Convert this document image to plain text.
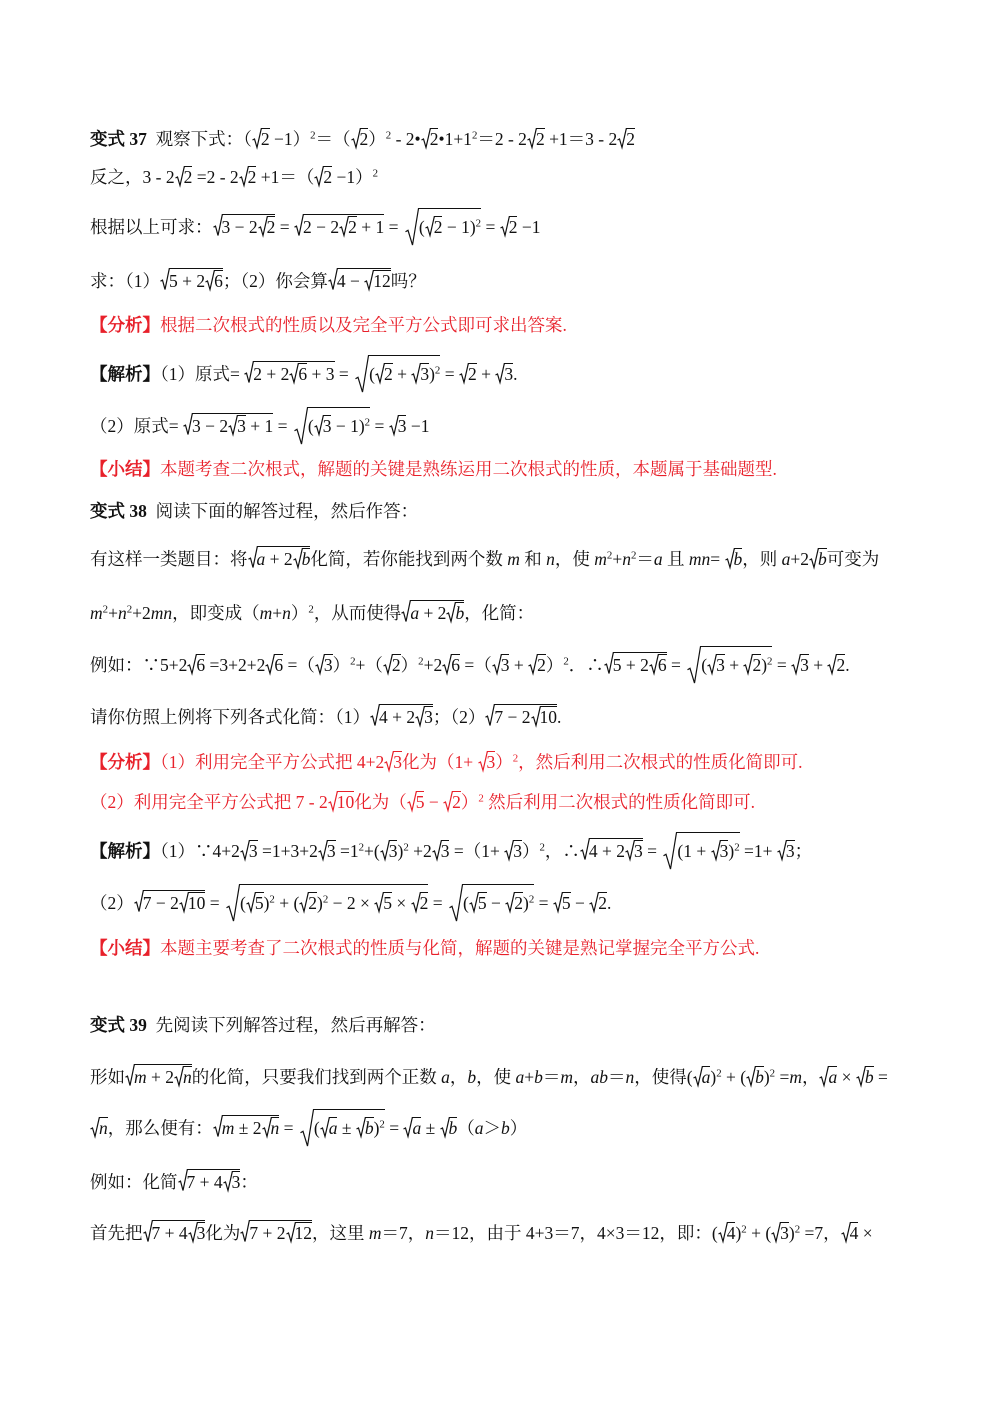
变式 37  观察下式：（ 2 −1）$^2$＝（ 2）$^2$ - 2• $2•1+1^2=2 - 2$ 2 +1＝3 - 2 2
反之，3 - 2 2 =2 - 2 2 +1＝（ 2 −1）$^2$
根据以上可求： 3 − 2 2 =
2 − 2 2 + 1 =
( 2 − 1)$^2$ =
2 −1
求：（1） 5 + 2 6；（2）你会算 4 −
12吗？
【分析】根据二次根式的性质以及完全平方公式即可求出答案.
【解析】（1）原式=
2 + 2 6 + 3 =
( 2 +
3)$^2$ =
2 +
3.
（2）原式=
3 − 2 3 + 1 =
( 3 − 1)$^2$ =
3 −1
【小结】本题考查二次根式，解题的关键是熟练运用二次根式的性质，本题属于基础题型.
变式 38  阅读下面的解答过程，然后作答：
有这样一类题目：将 a + 2 b化简，若你能找到两个数 m 和 n，使 $m^2+n^2=a$ 且 mn=
b，则 a+2 b可变为
$m^2+n^2+2mn$，即变成$(m+n)^2$，从而使得 a + 2 b，化简：
例如：∵5+2 6 =3+2+2 6 =（ 3）$^2$+（ 2）$^2$+2 6 =（ 3 +
2）$^2$．∴ 5 + 2 6 =
( 3 +
2)$^2$ =
3 +
2.
请你仿照上例将下列各式化简：（1） 4 + 2 3；（2） 7 − 2 10.
【分析】（1）利用完全平方公式把 4+2 3化为（1+
3）$^2$，然后利用二次根式的性质化简即可.
（2）利用完全平方公式把 7 - 2 10化为（ 5 −
2）$^2$ 然后利用二次根式的性质化简即可.
【解析】（1）∵4+2 3 =1+3+2 $3 =1^2+$( 3)$^2$ +2 3 =（1+
3）$^2$，∴ 4 + 2 3 =
(1 +
3)$^2$ =1+
3；
（2） 7 − 2 10 =
( 5)$^2$ + ( 2)$^2$ − 2 ×
5 ×
2 =
( 5 −
2)$^2$ =
5 −
2.
【小结】本题主要考查了二次根式的性质与化简，解题的关键是熟记掌握完全平方公式.
变式 39  先阅读下列解答过程，然后再解答：
形如 m + 2 n的化简，只要我们找到两个正数 a，b，使 a+b＝m，ab＝n，使得( a)$^2$ + ( b)$^2$ =m， a ×
b =
n，那么便有： m ± 2 n =
( a ±
b)$^2$ =
a ±
b（a＞b）
例如：化简 7 + 4 3：
首先把 7 + 4 3化为 7 + 2 12，这里 m＝7，n＝12，由于 4+3＝7，4×3＝12，即：( 4)$^2$ + ( 3)$^2$ =7， 4 ×
